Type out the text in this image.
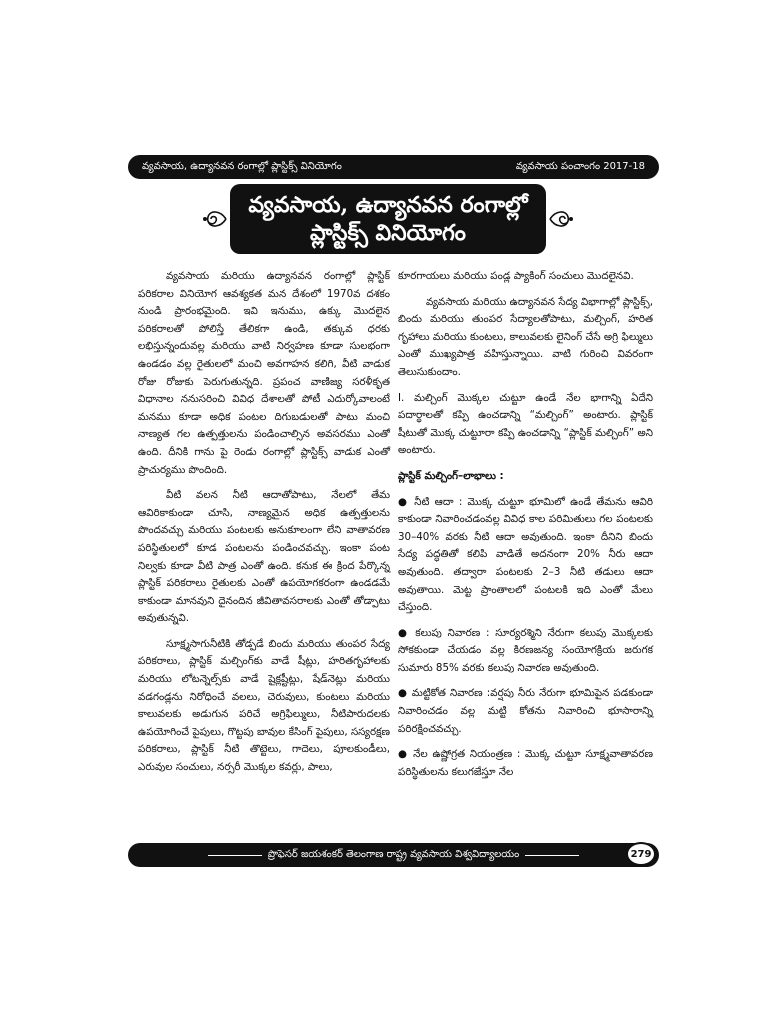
వ్యవసాయ, ఉద్యానవన రంగాల్లో ప్లాస్టిక్స్ వినియోగం	వ్యవసాయ పంచాంగం 2017-18
వ్యవసాయ, ఉద్యానవన రంగాల్లో
ప్లాస్టిక్స్ వినియోగం

వ్యవసాయ మరియు ఉద్యానవన రంగాల్లో ప్లాస్టిక్ పరికరాల వినియోగ ఆవశ్యకత మన దేశంలో 1970వ దశకం నుండి ప్రారంభమైంది. ఇవి ఇనుము, ఉక్కు మొదలైన పరికరాలతో పోలిస్తే తేలికగా ఉండి, తక్కువ ధరకు లభిస్తున్నందువల్ల మరియు వాటి నిర్వహణ కూడా సులభంగా ఉండడం వల్ల రైతులలో మంచి అవగాహన కలిగి, వీటి వాడుక రోజు రోజుకు పెరుగుతున్నది. ప్రపంచ వాణిజ్య సరళీకృత విధానాల ననుసరించి వివిధ దేశాలతో పోటీ ఎదుర్కోవాలంటే మనము కూడా అధిక పంటల దిగుబడులతో పాటు మంచి నాణ్యత గల ఉత్పత్తులను పండించాల్సిన అవసరము ఎంతో ఉంది. దీనికి గాను పై రెండు రంగాల్లో ప్లాస్టిక్స్ వాడుక ఎంతో ప్రాచుర్యము పొందింది.

వీటి వలన నీటి ఆదాతోపాటు, నేలలో తేమ ఆవిరికాకుండా చూసి, నాణ్యమైన అధిక ఉత్పత్తులను పొందవచ్చు మరియు పంటలకు అనుకూలంగా లేని వాతావరణ పరిస్థితులలో కూడ పంటలను పండించవచ్చు. ఇంకా పంట నిల్వకు కూడా వీటి పాత్ర ఎంతో ఉంది. కనుక ఈ క్రింద పేర్కొన్న ప్లాస్టిక్ పరికరాలు రైతులకు ఎంతో ఉపయోగకరంగా ఉండడమే కాకుండా మానవుని దైనందిన జీవితావసరాలకు ఎంతో తోడ్పాటు అవుతున్నవి.

సూక్ష్మసాగునీటికి తోడ్పడే బిందు మరియు తుంపర సేద్య పరికరాలు, ప్లాస్టిక్ మల్చింగ్‌కు వాడే షీట్లు, హరితగృహాలకు మరియు లోటన్నెల్స్‌కు వాడే షైక్లష్టీట్లు, షేడ్‌నెట్లు మరియు వడగండ్లను నిరోధించే వలలు, చెరువులు, కుంటలు మరియు కాలువలకు అడుగున పరిచే అగ్రిఫిల్ములు, నీటిపారుదలకు ఉపయోగించే పైపులు, గొట్టపు బావుల కేసింగ్ పైపులు, సస్యరక్షణ పరికరాలు, ప్లాస్టిక్ నీటి తొట్టెలు, గాదెలు, పూలకుండీలు, ఎరువుల సంచులు, నర్సరీ మొక్కల కవర్లు, పాలు,

కూరగాయలు మరియు పండ్ల ప్యాకింగ్ సంచులు మొదలైనవి.

వ్యవసాయ మరియు ఉద్యానవన సేద్య విభాగాల్లో ప్లాస్టిక్స్, బిందు మరియు తుంపర సేద్యాలతోపాటు, మల్చింగ్, హరిత గృహాలు మరియు కుంటలు, కాలువలకు లైనింగ్ చేసే అగ్రి ఫిల్ములు ఎంతో ముఖ్యపాత్ర వహిస్తున్నాయి. వాటి గురించి వివరంగా తెలుసుకుందాం.

I. మల్చింగ్ మొక్కల చుట్టూ ఉండే నేల భాగాన్ని ఏదేని పదార్థాలతో కప్పి ఉంచడాన్ని “మల్చింగ్” అంటారు. ప్లాస్టిక్ షీటుతో మొక్క చుట్టూరా కప్పి ఉంచడాన్ని “ప్లాస్టిక్ మల్చింగ్” అని అంటారు.

ప్లాస్టిక్ మల్చింగ్–లాభాలు :

● నీటి ఆదా : మొక్క చుట్టూ భూమిలో ఉండే తేమను ఆవిరి కాకుండా నివారించడంవల్ల వివిధ కాల పరిమితులు గల పంటలకు 30–40% వరకు నీటి ఆదా అవుతుంది. ఇంకా దీనిని బిందు సేద్య పద్ధతితో కలిపి వాడితే అదనంగా 20% నీరు ఆదా అవుతుంది. తద్వారా పంటలకు 2–3 నీటి తడులు ఆదా అవుతాయి. మెట్ట ప్రాంతాలలో పంటలకి ఇది ఎంతో మేలు చేస్తుంది.

● కలుపు నివారణ : సూర్యరశ్మిని నేరుగా కలుపు మొక్కలకు సోకకుండా చేయడం వల్ల కిరణజన్య సంయోగక్రియ జరుగక సుమారు 85% వరకు కలుపు నివారణ అవుతుంది.

● మట్టికోత నివారణ :వర్షపు నీరు నేరుగా భూమిపైన పడకుండా నివారించడం వల్ల మట్టి కోతను నివారించి భూసారాన్ని పరిరక్షించవచ్చు.

● నేల ఉష్ణోగ్రత నియంత్రణ : మొక్క చుట్టూ సూక్ష్మవాతావరణ పరిస్థితులను కలుగజేస్తూ నేల

ప్రొఫెసర్ జయశంకర్ తెలంగాణ రాష్ట్ర వ్యవసాయ విశ్వవిద్యాలయం	279
